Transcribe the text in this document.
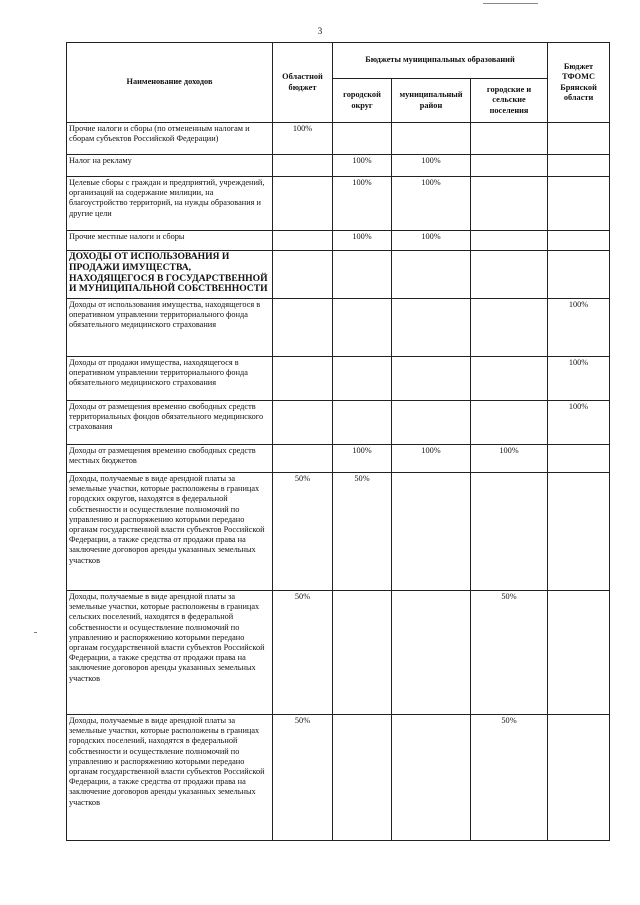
3
Наименование доходов	Областной бюджет	Бюджеты муниципальных образований			Бюджет ТФОМС Брянской области
		городской округ	муниципальный район	городские и сельские поселения	
Прочие налоги и сборы (по отмененным налогам и сборам субъектов Российской Федерации)	100%				
Налог на рекламу		100%	100%		
Целевые сборы с граждан и предприятий, учреждений, организаций на содержание милиции, на благоустройство территорий, на нужды образования и другие цели		100%	100%		
Прочие местные налоги и сборы		100%	100%		
ДОХОДЫ ОТ ИСПОЛЬЗОВАНИЯ И ПРОДАЖИ ИМУЩЕСТВА, НАХОДЯЩЕГОСЯ В ГОСУДАРСТВЕННОЙ И МУНИЦИПАЛЬНОЙ СОБСТВЕННОСТИ					
Доходы от использования имущества, находящегося в оперативном управлении территориального фонда обязательного медицинского страхования					100%
Доходы от продажи имущества, находящегося в оперативном управлении территориального фонда обязательного медицинского страхования					100%
Доходы от размещения временно свободных средств территориальных фондов обязательного медицинского страхования					100%
Доходы от размещения временно свободных средств местных бюджетов		100%	100%	100%	
Доходы, получаемые в виде арендной платы за земельные участки, которые расположены в границах городских округов, находятся в федеральной собственности и осуществление полномочий по управлению и распоряжению которыми передано органам государственной власти субъектов Российской Федерации, а также средства от продажи права на заключение договоров аренды указанных земельных участков	50%	50%			
Доходы, получаемые в виде арендной платы за земельные участки, которые расположены в границах сельских поселений, находятся в федеральной собственности и осуществление полномочий по управлению и распоряжению которыми передано органам государственной власти субъектов Российской Федерации, а также средства от продажи права на заключение договоров аренды указанных земельных участков	50%			50%	
Доходы, получаемые в виде арендной платы за земельные участки, которые расположены в границах городских поселений, находятся в федеральной собственности и осуществление полномочий по управлению и распоряжению которыми передано органам государственной власти субъектов Российской Федерации, а также средства от продажи права на заключение договоров аренды указанных земельных участков	50%			50%	
